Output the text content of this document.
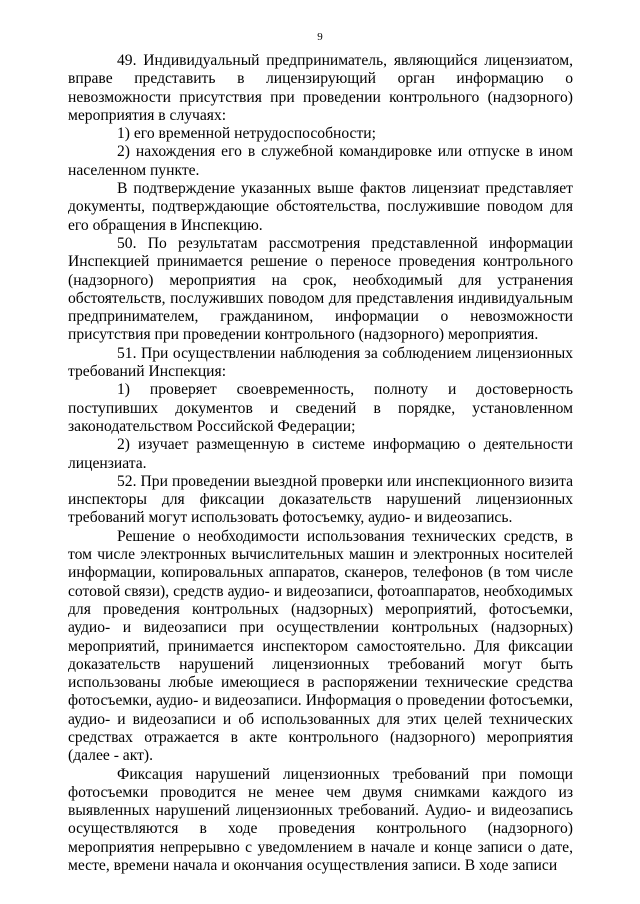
9

49. Индивидуальный предприниматель, являющийся лицензиатом, вправе представить в лицензирующий орган информацию о невозможности присутствия при проведении контрольного (надзорного) мероприятия в случаях:

1) его временной нетрудоспособности;

2) нахождения его в служебной командировке или отпуске в ином населенном пункте.

В подтверждение указанных выше фактов лицензиат представляет документы, подтверждающие обстоятельства, послужившие поводом для его обращения в Инспекцию.

50. По результатам рассмотрения представленной информации Инспекцией принимается решение о переносе проведения контрольного (надзорного) мероприятия на срок, необходимый для устранения обстоятельств, послуживших поводом для представления индивидуальным предпринимателем, гражданином, информации о невозможности присутствия при проведении контрольного (надзорного) мероприятия.

51. При осуществлении наблюдения за соблюдением лицензионных требований Инспекция:

1) проверяет своевременность, полноту и достоверность поступивших документов и сведений в порядке, установленном законодательством Российской Федерации;

2) изучает размещенную в системе информацию о деятельности лицензиата.

52. При проведении выездной проверки или инспекционного визита инспекторы для фиксации доказательств нарушений лицензионных требований могут использовать фотосъемку, аудио- и видеозапись.

Решение о необходимости использования технических средств, в том числе электронных вычислительных машин и электронных носителей информации, копировальных аппаратов, сканеров, телефонов (в том числе сотовой связи), средств аудио- и видеозаписи, фотоаппаратов, необходимых для проведения контрольных (надзорных) мероприятий, фотосъемки, аудио- и видеозаписи при осуществлении контрольных (надзорных) мероприятий, принимается инспектором самостоятельно. Для фиксации доказательств нарушений лицензионных требований могут быть использованы любые имеющиеся в распоряжении технические средства фотосъемки, аудио- и видеозаписи. Информация о проведении фотосъемки, аудио- и видеозаписи и об использованных для этих целей технических средствах отражается в акте контрольного (надзорного) мероприятия (далее - акт).

Фиксация нарушений лицензионных требований при помощи фотосъемки проводится не менее чем двумя снимками каждого из выявленных нарушений лицензионных требований. Аудио- и видеозапись осуществляются в ходе проведения контрольного (надзорного) мероприятия непрерывно с уведомлением в начале и конце записи о дате, месте, времени начала и окончания осуществления записи. В ходе записи
